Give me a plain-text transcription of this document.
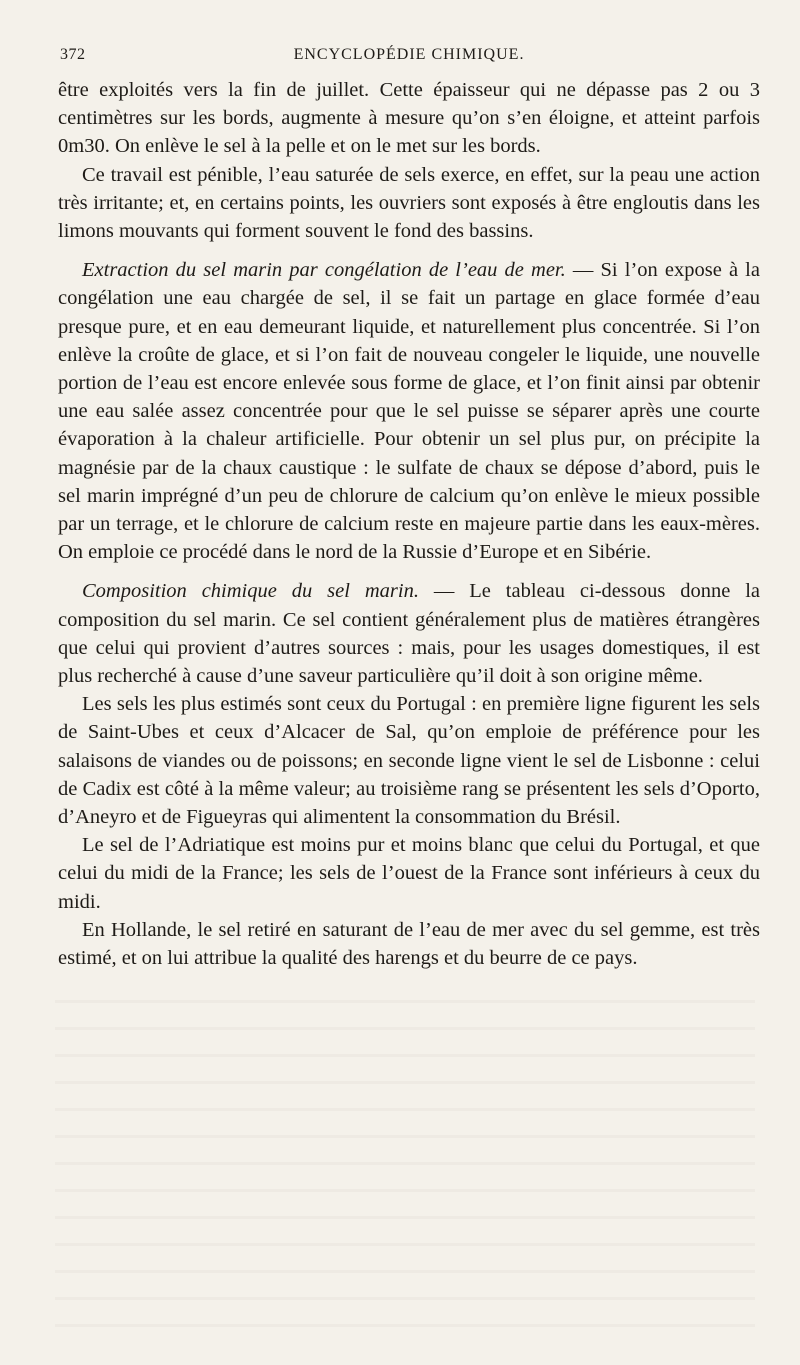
372	ENCYCLOPÉDIE CHIMIQUE.

être exploités vers la fin de juillet. Cette épaisseur qui ne dépasse pas 2 ou 3 centimètres sur les bords, augmente à mesure qu’on s’en éloigne, et atteint parfois 0m30. On enlève le sel à la pelle et on le met sur les bords.

Ce travail est pénible, l’eau saturée de sels exerce, en effet, sur la peau une action très irritante; et, en certains points, les ouvriers sont exposés à être engloutis dans les limons mouvants qui forment souvent le fond des bassins.

Extraction du sel marin par congélation de l’eau de mer. — Si l’on expose à la congélation une eau chargée de sel, il se fait un partage en glace formée d’eau presque pure, et en eau demeurant liquide, et naturellement plus concentrée. Si l’on enlève la croûte de glace, et si l’on fait de nouveau congeler le liquide, une nouvelle portion de l’eau est encore enlevée sous forme de glace, et l’on finit ainsi par obtenir une eau salée assez concentrée pour que le sel puisse se séparer après une courte évaporation à la chaleur artificielle. Pour obtenir un sel plus pur, on précipite la magnésie par de la chaux caustique : le sulfate de chaux se dépose d’abord, puis le sel marin imprégné d’un peu de chlorure de calcium qu’on enlève le mieux possible par un terrage, et le chlorure de calcium reste en majeure partie dans les eaux-mères. On emploie ce procédé dans le nord de la Russie d’Europe et en Sibérie.

Composition chimique du sel marin. — Le tableau ci-dessous donne la composition du sel marin. Ce sel contient généralement plus de matières étrangères que celui qui provient d’autres sources : mais, pour les usages domestiques, il est plus recherché à cause d’une saveur particulière qu’il doit à son origine même.

Les sels les plus estimés sont ceux du Portugal : en première ligne figurent les sels de Saint-Ubes et ceux d’Alcacer de Sal, qu’on emploie de préférence pour les salaisons de viandes ou de poissons; en seconde ligne vient le sel de Lisbonne : celui de Cadix est côté à la même valeur; au troisième rang se présentent les sels d’Oporto, d’Aneyro et de Figueyras qui alimentent la consommation du Brésil.

Le sel de l’Adriatique est moins pur et moins blanc que celui du Portugal, et que celui du midi de la France; les sels de l’ouest de la France sont inférieurs à ceux du midi.

En Hollande, le sel retiré en saturant de l’eau de mer avec du sel gemme, est très estimé, et on lui attribue la qualité des harengs et du beurre de ce pays.
